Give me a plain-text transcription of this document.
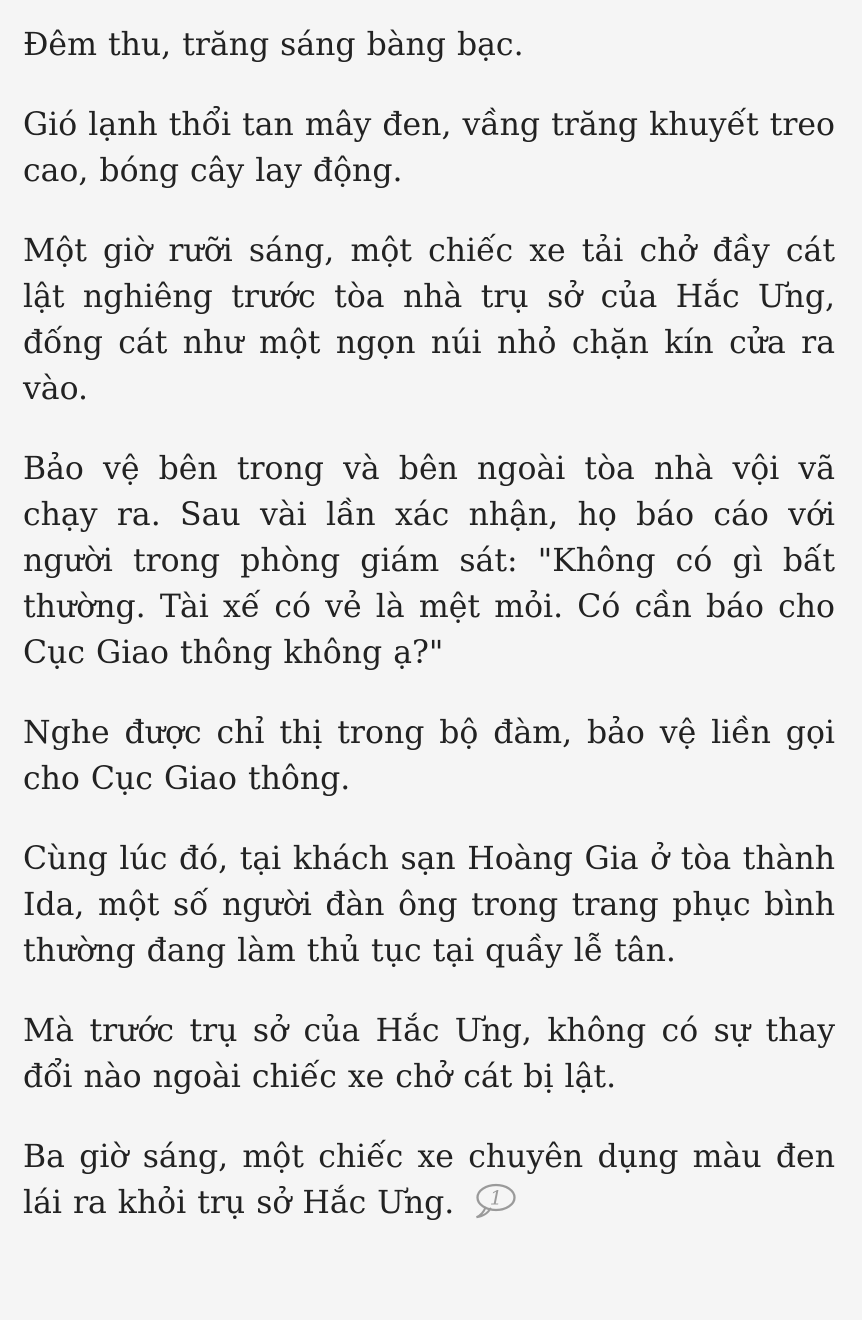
Đêm thu, trăng sáng bàng bạc.

Gió lạnh thổi tan mây đen, vầng trăng khuyết treo cao, bóng cây lay động.

Một giờ rưỡi sáng, một chiếc xe tải chở đầy cát lật nghiêng trước tòa nhà trụ sở của Hắc Ưng, đống cát như một ngọn núi nhỏ chặn kín cửa ra vào.

Bảo vệ bên trong và bên ngoài tòa nhà vội vã chạy ra. Sau vài lần xác nhận, họ báo cáo với người trong phòng giám sát: "Không có gì bất thường. Tài xế có vẻ là mệt mỏi. Có cần báo cho Cục Giao thông không ạ?"

Nghe được chỉ thị trong bộ đàm, bảo vệ liền gọi cho Cục Giao thông.

Cùng lúc đó, tại khách sạn Hoàng Gia ở tòa thành Ida, một số người đàn ông trong trang phục bình thường đang làm thủ tục tại quầy lễ tân.

Mà trước trụ sở của Hắc Ưng, không có sự thay đổi nào ngoài chiếc xe chở cát bị lật.

Ba giờ sáng, một chiếc xe chuyên dụng màu đen lái ra khỏi trụ sở Hắc Ưng. 1
